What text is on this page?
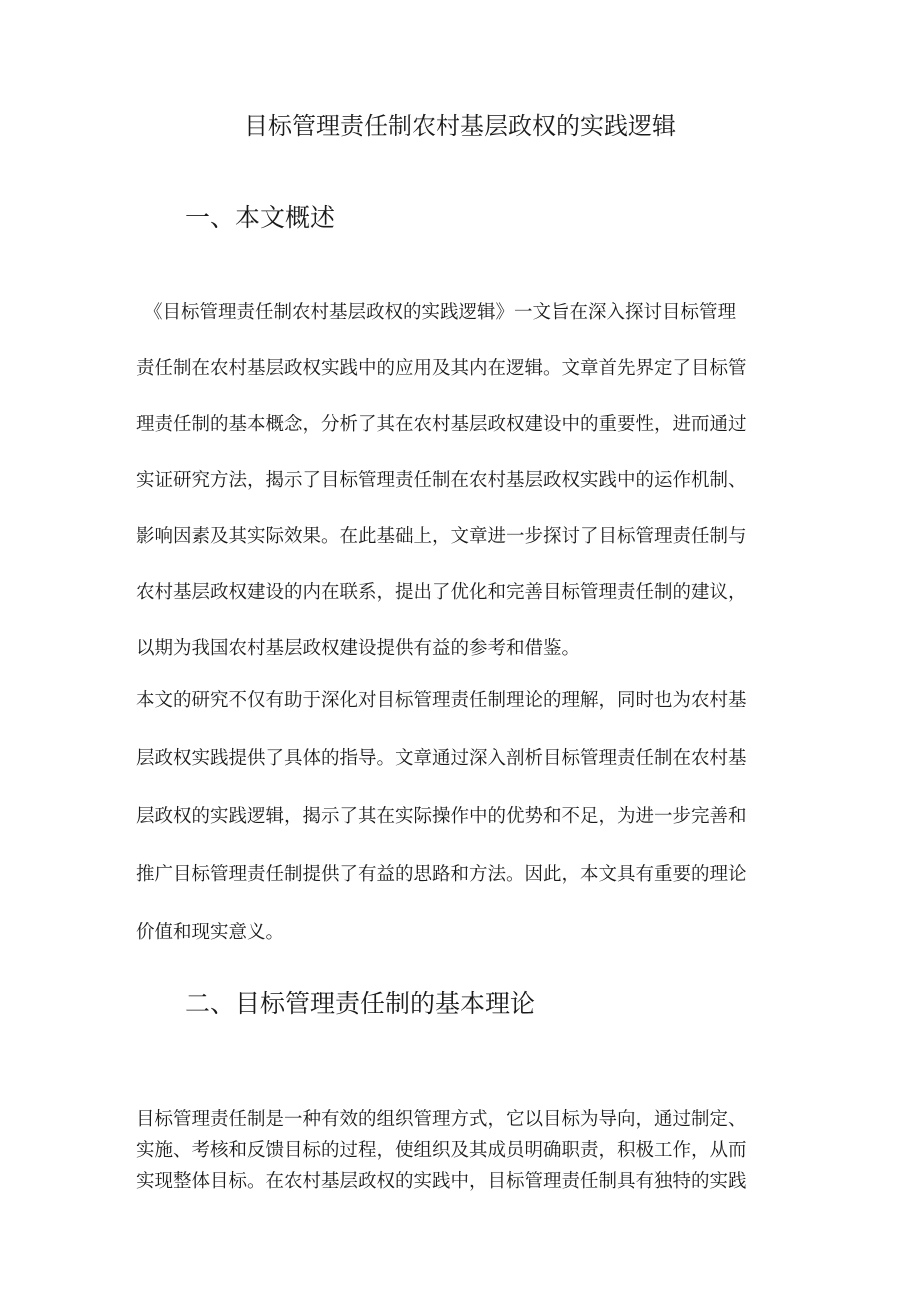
目标管理责任制农村基层政权的实践逻辑
一、本文概述
《目标管理责任制农村基层政权的实践逻辑》一文旨在深入探讨目标管理
责任制在农村基层政权实践中的应用及其内在逻辑。文章首先界定了目标管
理责任制的基本概念，分析了其在农村基层政权建设中的重要性，进而通过
实证研究方法，揭示了目标管理责任制在农村基层政权实践中的运作机制、
影响因素及其实际效果。在此基础上，文章进一步探讨了目标管理责任制与
农村基层政权建设的内在联系，提出了优化和完善目标管理责任制的建议，
以期为我国农村基层政权建设提供有益的参考和借鉴。
本文的研究不仅有助于深化对目标管理责任制理论的理解，同时也为农村基
层政权实践提供了具体的指导。文章通过深入剖析目标管理责任制在农村基
层政权的实践逻辑，揭示了其在实际操作中的优势和不足，为进一步完善和
推广目标管理责任制提供了有益的思路和方法。因此，本文具有重要的理论
价值和现实意义。
二、目标管理责任制的基本理论
目标管理责任制是一种有效的组织管理方式，它以目标为导向，通过制定、
实施、考核和反馈目标的过程，使组织及其成员明确职责，积极工作，从而
实现整体目标。在农村基层政权的实践中，目标管理责任制具有独特的实践
